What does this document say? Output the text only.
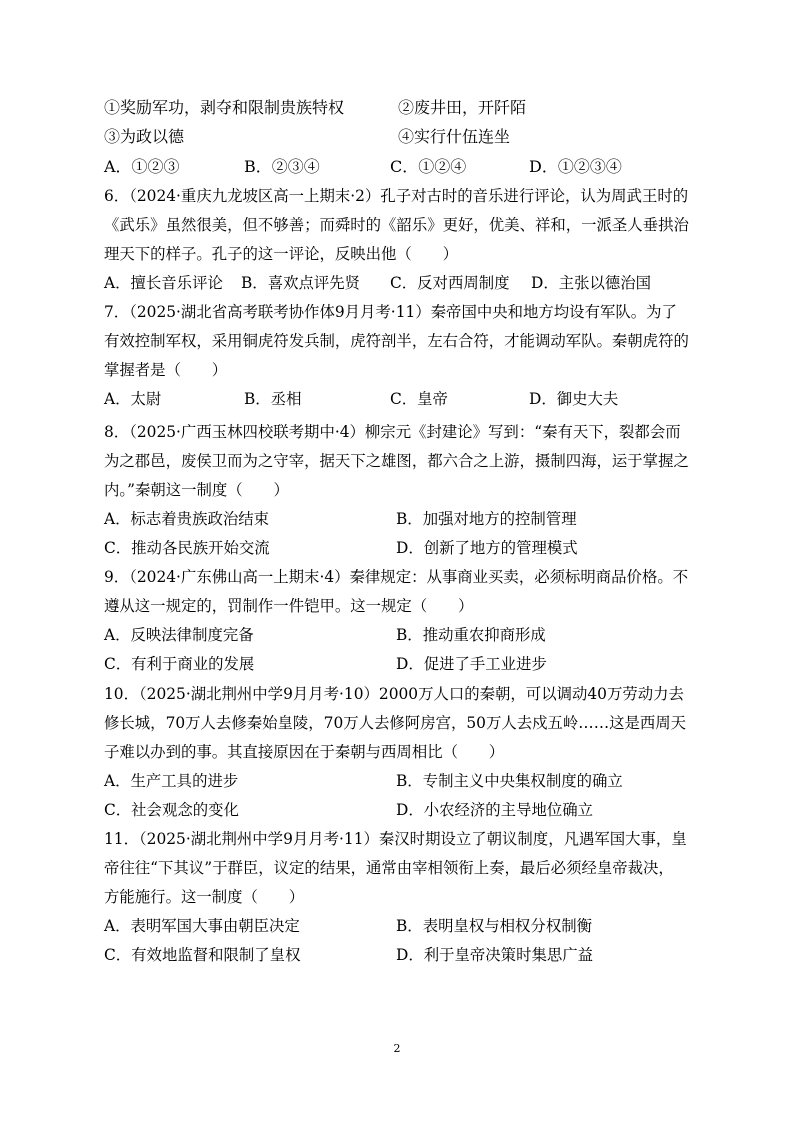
①奖励军功，剥夺和限制贵族特权	②废井田，开阡陌
③为政以德	④实行什伍连坐
A．①②③	B．②③④	C．①②④	D．①②③④
6．（2024·重庆九龙坡区高一上期末·2）孔子对古时的音乐进行评论，认为周武王时的
《武乐》虽然很美，但不够善；而舜时的《韶乐》更好，优美、祥和，一派圣人垂拱治
理天下的样子。孔子的这一评论，反映出他（　　）
A．擅长音乐评论 B．喜欢点评先贤 C．反对西周制度 D．主张以德治国
7．（2025·湖北省高考联考协作体9月月考·11）秦帝国中央和地方均设有军队。为了
有效控制军权，采用铜虎符发兵制，虎符剖半，左右合符，才能调动军队。秦朝虎符的
掌握者是（　　）
A．太尉	B．丞相	C．皇帝	D．御史大夫
8．（2025·广西玉林四校联考期中·4）柳宗元《封建论》写到：“秦有天下，裂都会而
为之郡邑，废侯卫而为之守宰，据天下之雄图，都六合之上游，摄制四海，运于掌握之
内。”秦朝这一制度（　　）
A．标志着贵族政治结束	B．加强对地方的控制管理
C．推动各民族开始交流	D．创新了地方的管理模式
9．（2024·广东佛山高一上期末·4）秦律规定：从事商业买卖，必须标明商品价格。不
遵从这一规定的，罚制作一件铠甲。这一规定（　　）
A．反映法律制度完备	B．推动重农抑商形成
C．有利于商业的发展	D．促进了手工业进步
10．（2025·湖北荆州中学9月月考·10）2000万人口的秦朝，可以调动40万劳动力去
修长城，70万人去修秦始皇陵，70万人去修阿房宫，50万人去戍五岭……这是西周天
子难以办到的事。其直接原因在于秦朝与西周相比（　　）
A．生产工具的进步	B．专制主义中央集权制度的确立
C．社会观念的变化	D．小农经济的主导地位确立
11．（2025·湖北荆州中学9月月考·11）秦汉时期设立了朝议制度，凡遇军国大事，皇
帝往往“下其议”于群臣，议定的结果，通常由宰相领衔上奏，最后必须经皇帝裁决，
方能施行。这一制度（　　）
A．表明军国大事由朝臣决定	B．表明皇权与相权分权制衡
C．有效地监督和限制了皇权	D．利于皇帝决策时集思广益
2
